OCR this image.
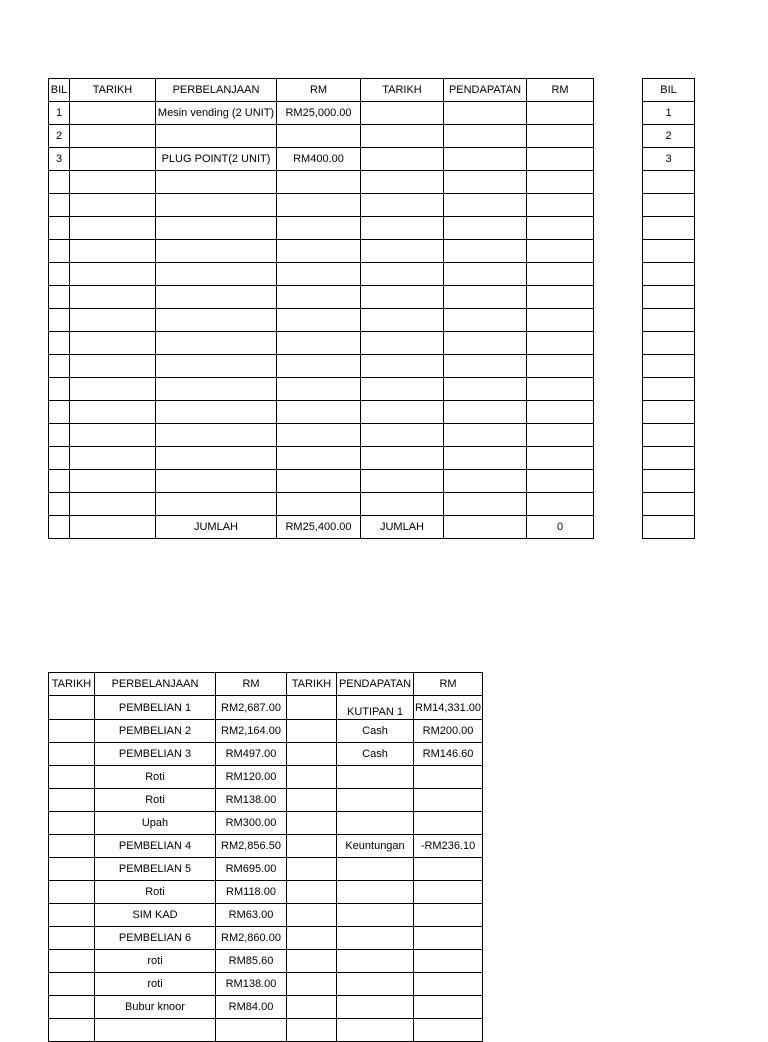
BIL	TARIKH	PERBELANJAAN	RM	TARIKH	PENDAPATAN	RM
1		Mesin vending (2 UNIT)	RM25,000.00			
2						
3		PLUG POINT(2 UNIT)	RM400.00			

		JUMLAH	RM25,400.00	JUMLAH		0
BIL
1
2
3

TARIKH	PERBELANJAAN	RM	TARIKH	PENDAPATAN	RM
	PEMBELIAN 1	RM2,687.00		KUTIPAN 1	RM14,331.00
	PEMBELIAN 2	RM2,164.00		Cash	RM200.00
	PEMBELIAN 3	RM497.00		Cash	RM146.60
	Roti	RM120.00			
	Roti	RM138.00			
	Upah	RM300.00			
	PEMBELIAN 4	RM2,856.50		Keuntungan	-RM236.10
	PEMBELIAN 5	RM695.00			
	Roti	RM118.00			
	SIM KAD	RM63.00			
	PEMBELIAN 6	RM2,860.00			
	roti	RM85.60			
	roti	RM138.00			
	Bubur knoor	RM84.00			
